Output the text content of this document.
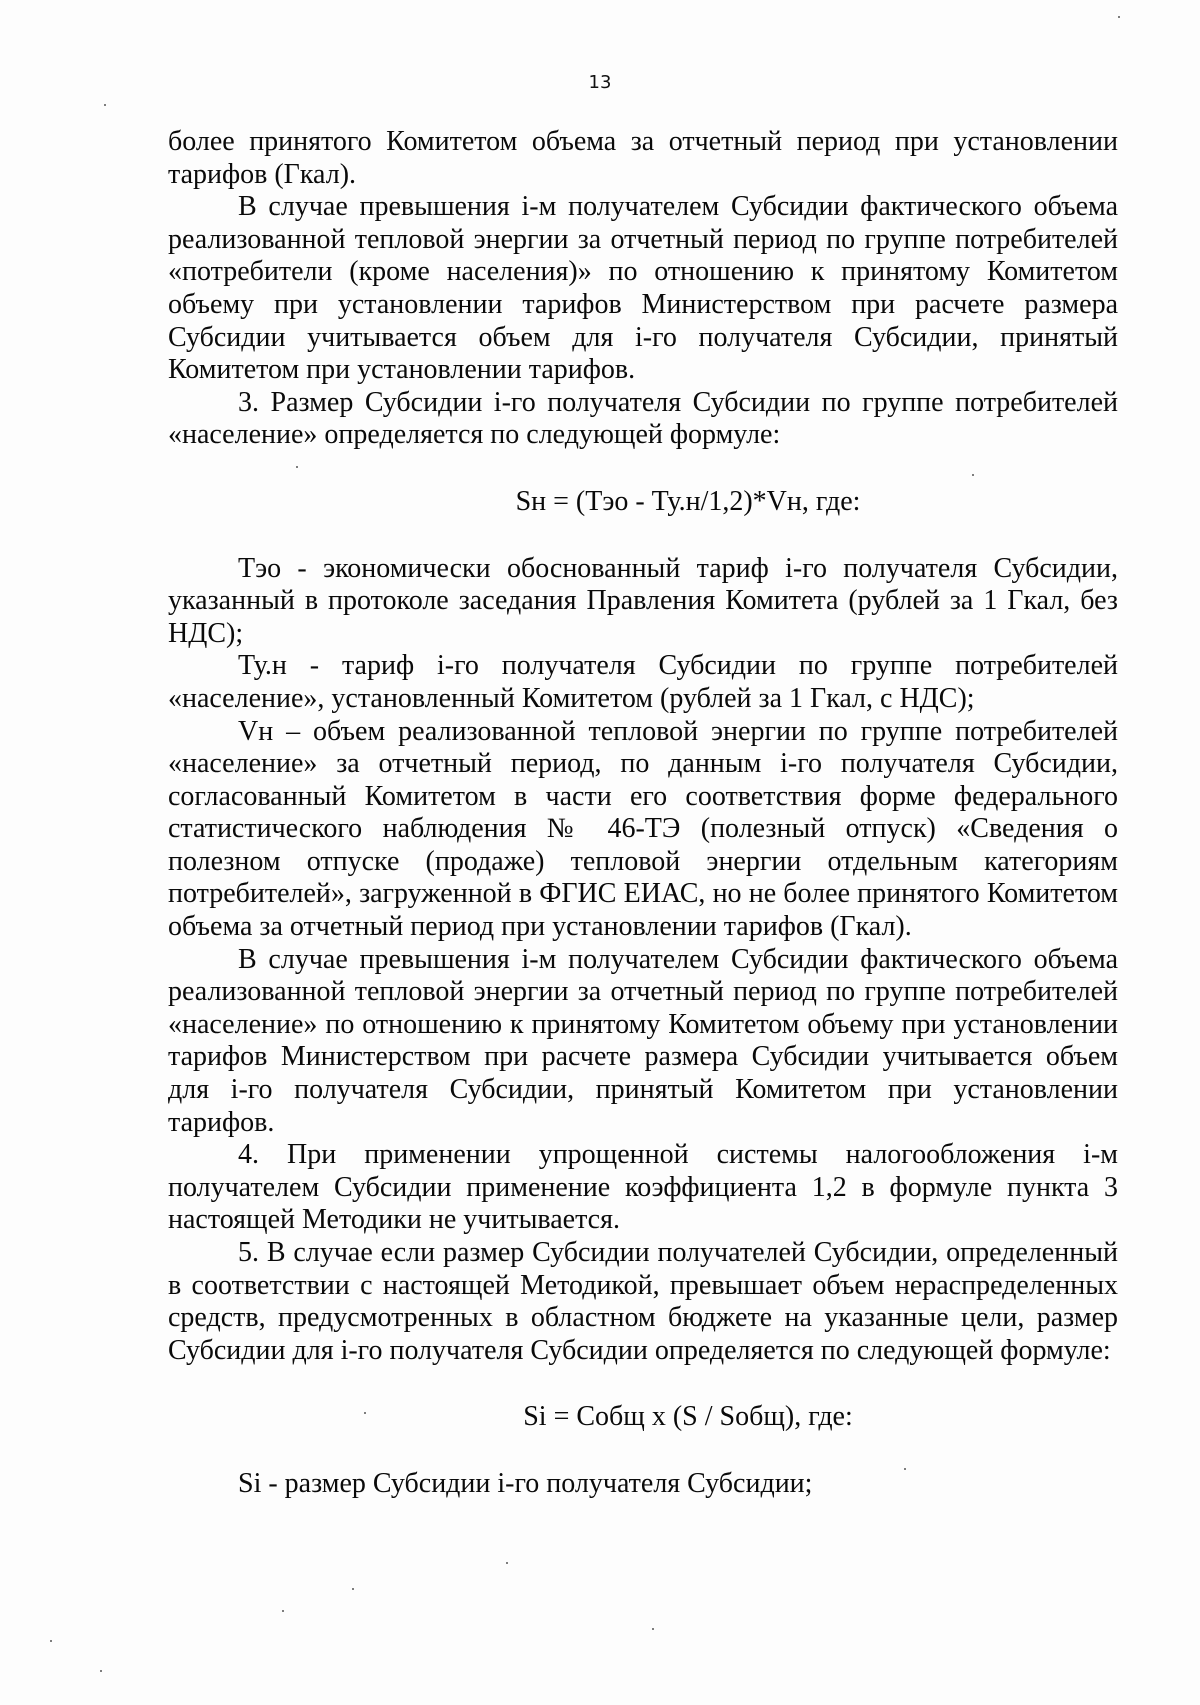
13

более принятого Комитетом объема за отчетный период при установлении тарифов (Гкал).

В случае превышения i-м получателем Субсидии фактического объема реализованной тепловой энергии за отчетный период по группе потребителей «потребители (кроме населения)» по отношению к принятому Комитетом объему при установлении тарифов Министерством при расчете размера Субсидии учитывается объем для i-го получателя Субсидии, принятый Комитетом при установлении тарифов.

3. Размер Субсидии i-го получателя Субсидии по группе потребителей «население» определяется по следующей формуле:

Sн = (Тэо - Ту.н/1,2)*Vн, где:

Тэо - экономически обоснованный тариф i-го получателя Субсидии, указанный в протоколе заседания Правления Комитета (рублей за 1 Гкал, без НДС);

Ту.н - тариф i-го получателя Субсидии по группе потребителей «население», установленный Комитетом (рублей за 1 Гкал, с НДС);

Vн – объем реализованной тепловой энергии по группе потребителей «население» за отчетный период, по данным i-го получателя Субсидии, согласованный Комитетом в части его соответствия форме федерального статистического наблюдения № 46-ТЭ (полезный отпуск) «Сведения о полезном отпуске (продаже) тепловой энергии отдельным категориям потребителей», загруженной в ФГИС ЕИАС, но не более принятого Комитетом объема за отчетный период при установлении тарифов (Гкал).

В случае превышения i-м получателем Субсидии фактического объема реализованной тепловой энергии за отчетный период по группе потребителей «население» по отношению к принятому Комитетом объему при установлении тарифов Министерством при расчете размера Субсидии учитывается объем для i-го получателя Субсидии, принятый Комитетом при установлении тарифов.

4. При применении упрощенной системы налогообложения i-м получателем Субсидии применение коэффициента 1,2 в формуле пункта 3 настоящей Методики не учитывается.

5. В случае если размер Субсидии получателей Субсидии, определенный в соответствии с настоящей Методикой, превышает объем нераспределенных средств, предусмотренных в областном бюджете на указанные цели, размер Субсидии для i-го получателя Субсидии определяется по следующей формуле:

Si = Cобщ x (S / Sобщ), где:

Si - размер Субсидии i-го получателя Субсидии;
